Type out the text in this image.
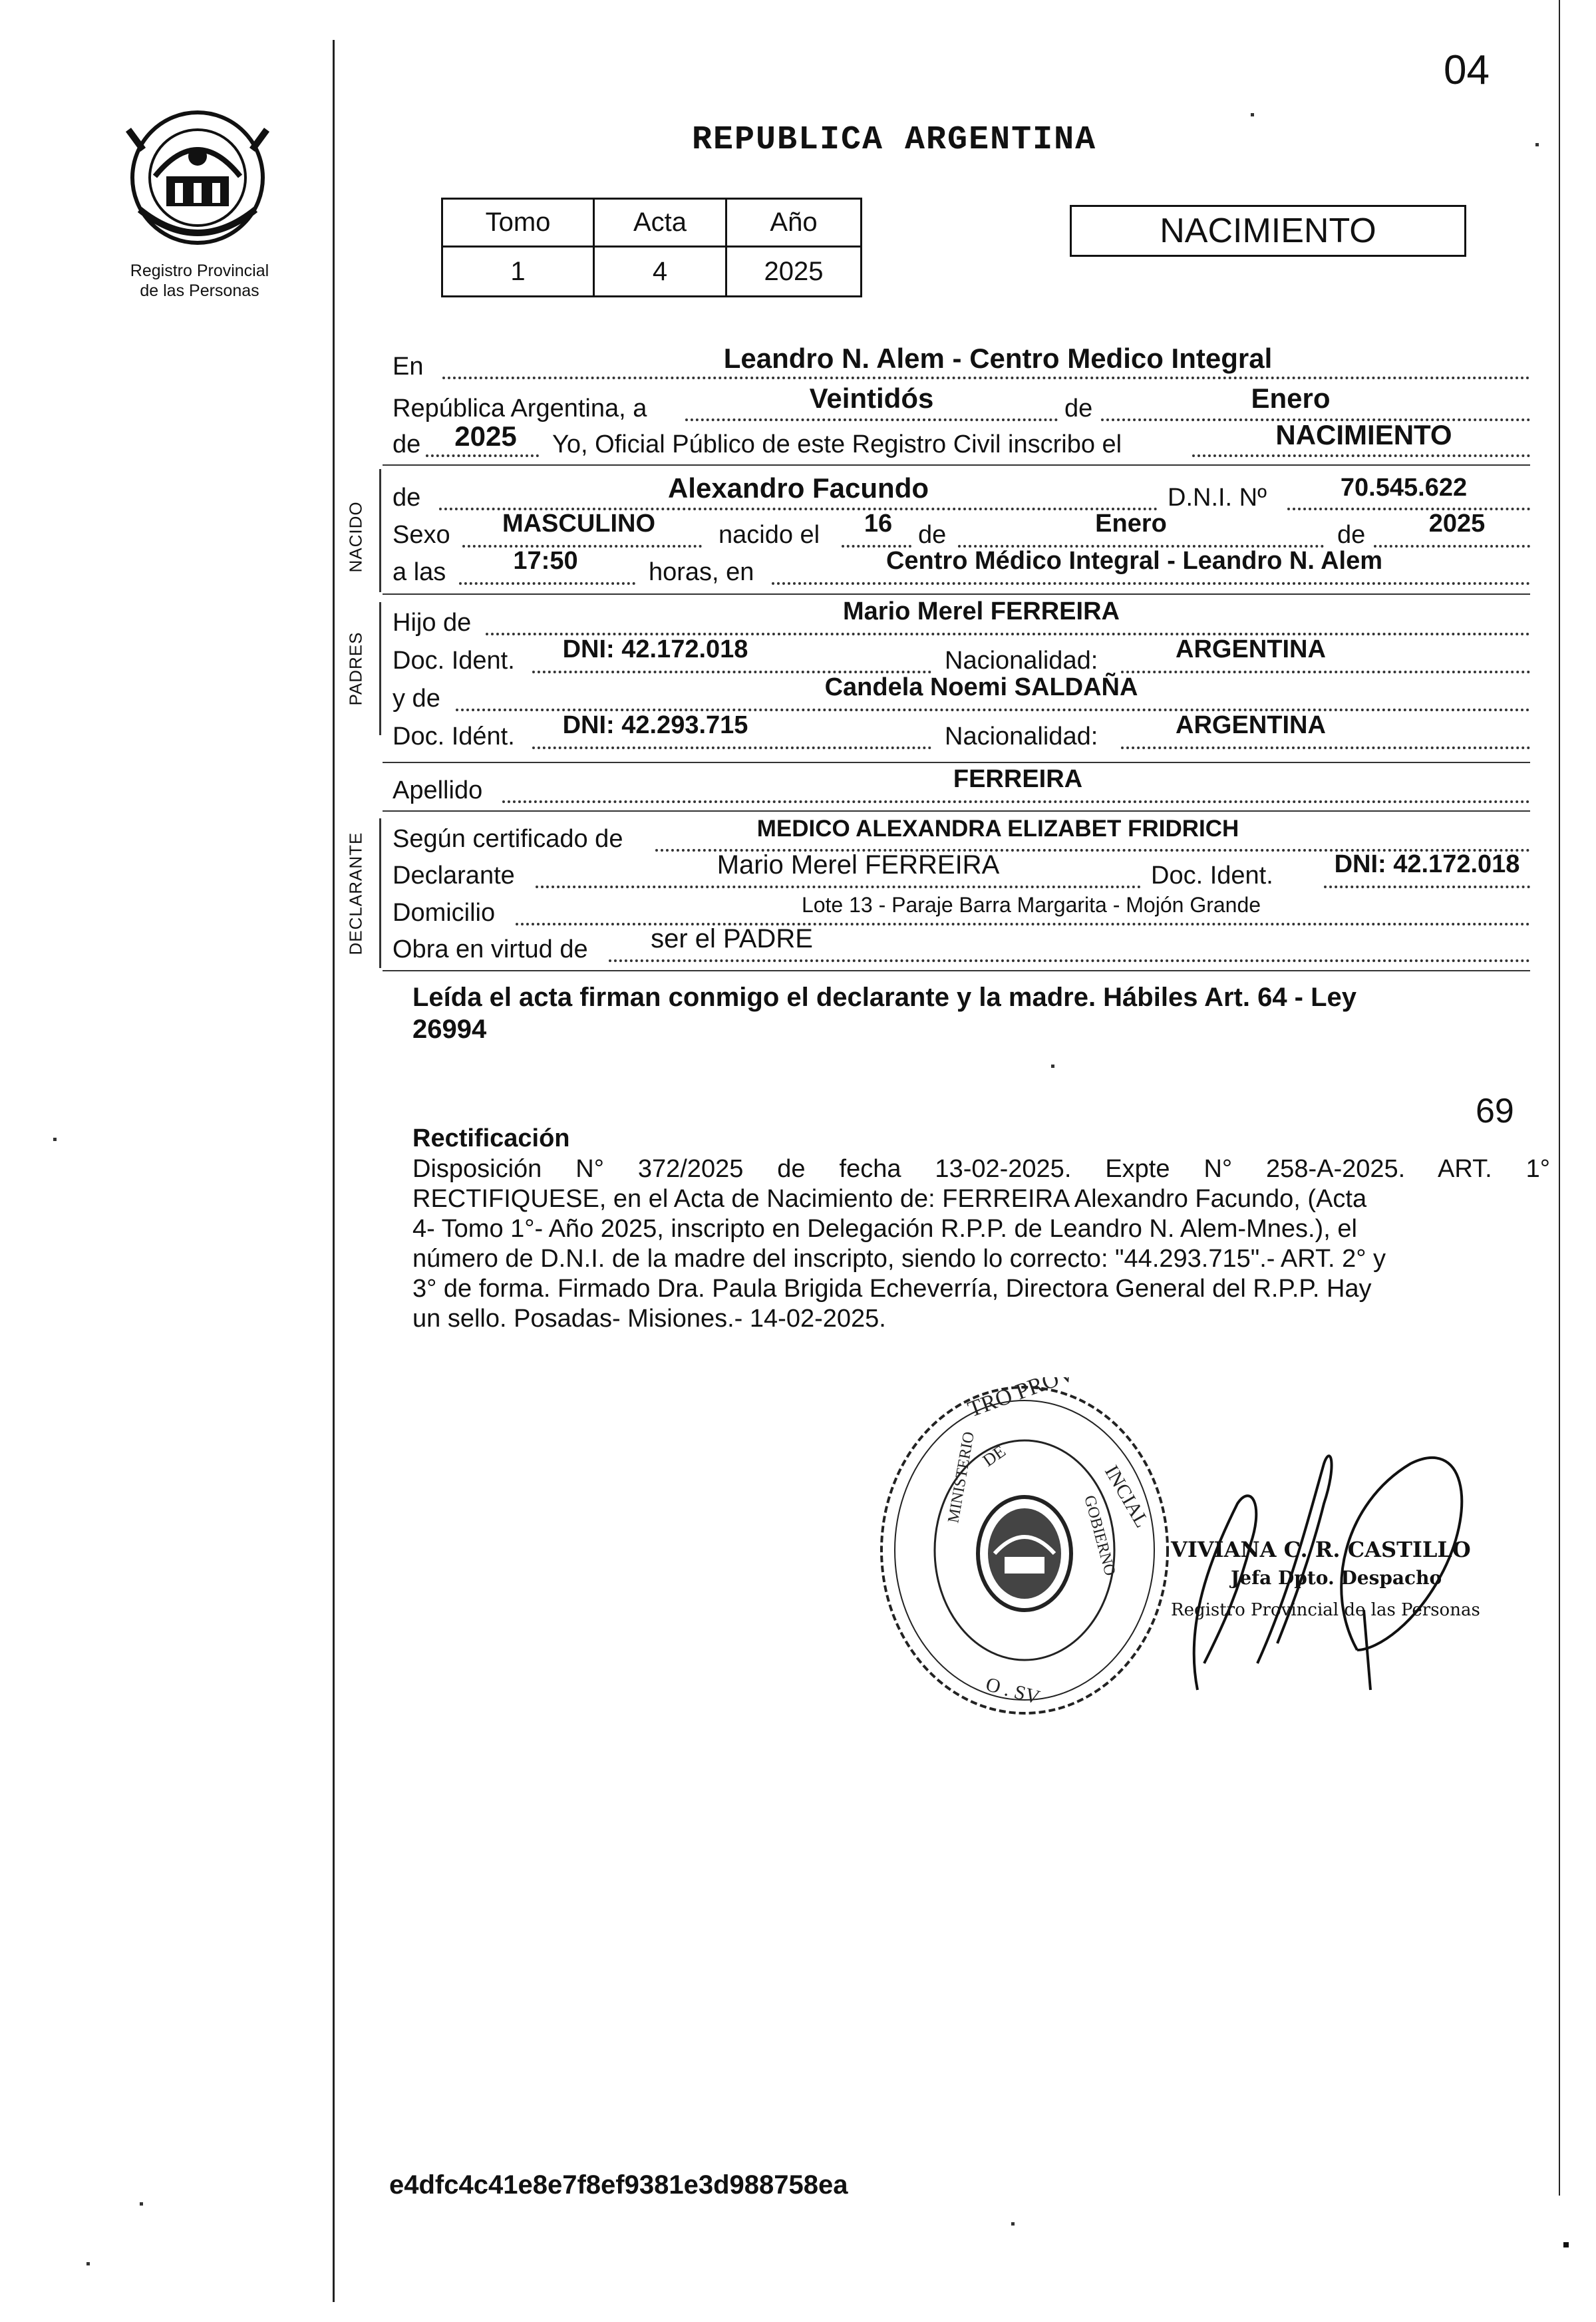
04
Registro Provincial
de las Personas
REPUBLICA ARGENTINA
Tomo	Acta	Año
1	4	2025
NACIMIENTO
En	Leandro N. Alem - Centro Medico Integral
República Argentina, a	Veintidós	de	Enero
de	2025	Yo, Oficial Público de este Registro Civil inscribo el	NACIMIENTO
NACIDO
de	Alexandro Facundo	D.N.I. Nº	70.545.622
Sexo	MASCULINO	nacido el	16	de	Enero	de	2025
a las	17:50	horas, en	Centro Médico Integral - Leandro N. Alem
PADRES
Hijo de	Mario Merel FERREIRA
Doc. Ident.	DNI: 42.172.018	Nacionalidad:	ARGENTINA
y de	Candela Noemi SALDAÑA
Doc. Idént.	DNI: 42.293.715	Nacionalidad:	ARGENTINA
Apellido	FERREIRA
DECLARANTE Según certificado de	MEDICO ALEXANDRA ELIZABET FRIDRICH
Declarante	Mario Merel FERREIRA	Doc. Ident.	DNI: 42.172.018
Domicilio	Lote 13 - Paraje Barra Margarita - Mojón Grande
Obra en virtud de	ser el PADRE
Leída el acta firman conmigo el declarante y la madre. Hábiles Art. 64 - Ley
26994
69
Rectificación
Disposición N° 372/2025 de fecha 13-02-2025. Expte N° 258-A-2025. ART. 1°
RECTIFIQUESE, en el Acta de Nacimiento de: FERREIRA Alexandro Facundo, (Acta
4- Tomo 1°- Año 2025, inscripto en Delegación R.P.P. de Leandro N. Alem-Mnes.), el
número de D.N.I. de la madre del inscripto, siendo lo correcto: "44.293.715".- ART. 2° y
3° de forma. Firmado Dra. Paula Brigida Echeverría, Directora General del R.P.P. Hay
un sello. Posadas- Misiones.- 14-02-2025.
TRO PROV
INCIAL
DE
MINISTERIO
GOBIERNO
O . SV
VIVIANA C. R. CASTILLO
Jefa Dpto. Despacho
Registro Provincial de las Personas
e4dfc4c41e8e7f8ef9381e3d988758ea
